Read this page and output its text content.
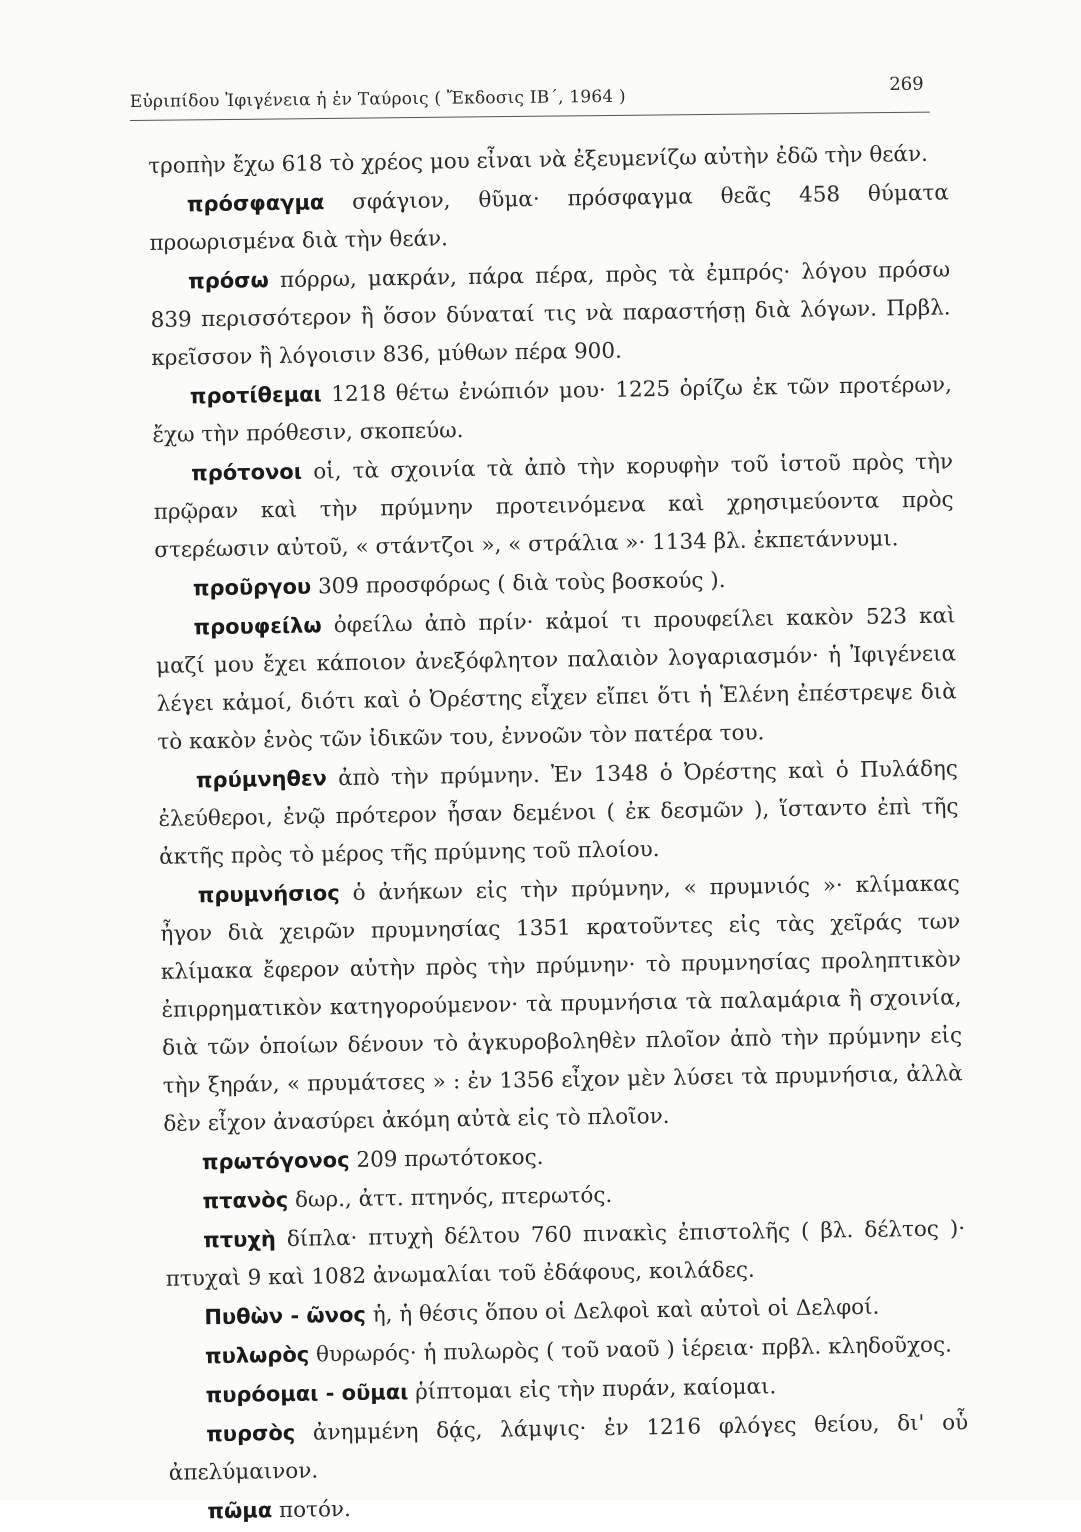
Εὐριπίδου Ἰφιγένεια ἡ ἐν Ταύροις ( Ἔκδοσις ΙΒ΄, 1964 )
269

τροπὴν ἔχω 618 τὸ χρέος μου εἶναι νὰ ἐξευμενίζω αὐτὴν ἐδῶ τὴν θεάν.

πρόσφαγμα σφάγιον, θῦμα· πρόσφαγμα θεᾶς 458 θύματα προωρισμένα διὰ τὴν θεάν.

πρόσω πόρρω, μακράν, πάρα πέρα, πρὸς τὰ ἐμπρός· λόγου πρόσω 839 περισσότερον ἢ ὅσον δύναταί τις νὰ παραστήσῃ διὰ λόγων. Πρβλ. κρεῖσσον ἢ λόγοισιν 836, μύθων πέρα 900.

προτίθεμαι 1218 θέτω ἐνώπιόν μου· 1225 ὁρίζω ἐκ τῶν προτέρων, ἔχω τὴν πρόθεσιν, σκοπεύω.

πρότονοι οἱ, τὰ σχοινία τὰ ἀπὸ τὴν κορυφὴν τοῦ ἱστοῦ πρὸς τὴν πρῷραν καὶ τὴν πρύμνην προτεινόμενα καὶ χρησιμεύοντα πρὸς στερέωσιν αὐτοῦ, « στάντζοι », « στράλια »· 1134 βλ. ἐκπετάννυμι.

προῦργου 309 προσφόρως ( διὰ τοὺς βοσκούς ).

προυφείλω ὀφείλω ἀπὸ πρίν· κἀμοί τι προυφείλει κακὸν 523 καὶ μαζί μου ἔχει κάποιον ἀνεξόφλητον παλαιὸν λογαριασμόν· ἡ Ἰφιγένεια λέγει κἀμοί, διότι καὶ ὁ Ὀρέστης εἶχεν εἴπει ὅτι ἡ Ἑλένη ἐπέστρεψε διὰ τὸ κακὸν ἑνὸς τῶν ἰδικῶν του, ἐννοῶν τὸν πατέρα του.

πρύμνηθεν ἀπὸ τὴν πρύμνην. Ἐν 1348 ὁ Ὀρέστης καὶ ὁ Πυλάδης ἐλεύθεροι, ἐνῷ πρότερον ἦσαν δεμένοι ( ἐκ δεσμῶν ), ἵσταντο ἐπὶ τῆς ἀκτῆς πρὸς τὸ μέρος τῆς πρύμνης τοῦ πλοίου.

πρυμνήσιος ὁ ἀνήκων εἰς τὴν πρύμνην, « πρυμνιός »· κλίμακας ἦγον διὰ χειρῶν πρυμνησίας 1351 κρατοῦντες εἰς τὰς χεῖράς των κλίμακα ἔφερον αὐτὴν πρὸς τὴν πρύμνην· τὸ πρυμνησίας προληπτικὸν ἐπιρρηματικὸν κατηγορούμενον· τὰ πρυμνήσια τὰ παλαμάρια ἢ σχοινία, διὰ τῶν ὁποίων δένουν τὸ ἀγκυροβοληθὲν πλοῖον ἀπὸ τὴν πρύμνην εἰς τὴν ξηράν, « πρυμάτσες » : ἐν 1356 εἶχον μὲν λύσει τὰ πρυμνήσια, ἀλλὰ δὲν εἶχον ἀνασύρει ἀκόμη αὐτὰ εἰς τὸ πλοῖον.

πρωτόγονος 209 πρωτότοκος.

πτανὸς δωρ., ἀττ. πτηνός, πτερωτός.

πτυχὴ δίπλα· πτυχὴ δέλτου 760 πινακὶς ἐπιστολῆς ( βλ. δέλτος )· πτυχαὶ 9 καὶ 1082 ἀνωμαλίαι τοῦ ἐδάφους, κοιλάδες.

Πυθὼν - ῶνος ἡ, ἡ θέσις ὅπου οἱ Δελφοὶ καὶ αὐτοὶ οἱ Δελφοί.

πυλωρὸς θυρωρός· ἡ πυλωρὸς ( τοῦ ναοῦ ) ἱέρεια· πρβλ. κληδοῦχος.

πυρόομαι - οῦμαι ῥίπτομαι εἰς τὴν πυράν, καίομαι.

πυρσὸς ἀνημμένη δᾴς, λάμψις· ἐν 1216 φλόγες θείου, δι' οὗ ἀπελύμαινον.

πῶμα ποτόν.
